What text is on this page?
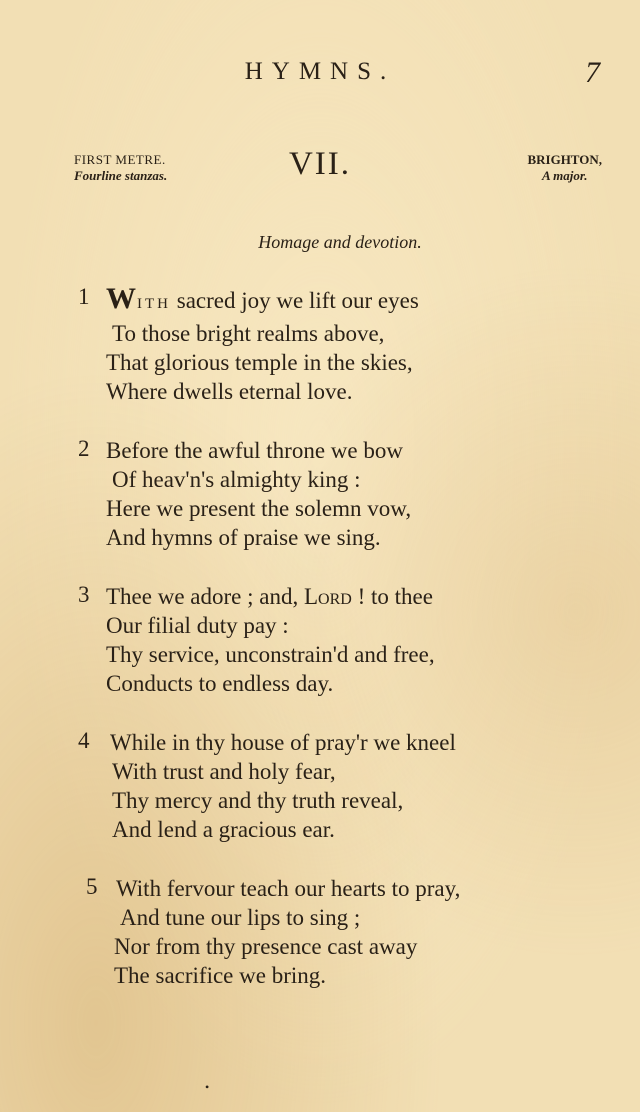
HYMNS.	7
FIRST METRE.
Fourline stanzas.	VII.	BRIGHTON,
A major.
Homage and devotion.
1 WITH sacred joy we lift our eyes
To those bright realms above,
That glorious temple in the skies,
Where dwells eternal love.
2 Before the awful throne we bow
Of heav'n's almighty king :
Here we present the solemn vow,
And hymns of praise we sing.
3 Thee we adore ; and, Lord ! to thee
Our filial duty pay :
Thy service, unconstrain'd and free,
Conducts to endless day.
4 While in thy house of pray'r we kneel
With trust and holy fear,
Thy mercy and thy truth reveal,
And lend a gracious ear.
5 With fervour teach our hearts to pray,
And tune our lips to sing ;
Nor from thy presence cast away
The sacrifice we bring.
•
